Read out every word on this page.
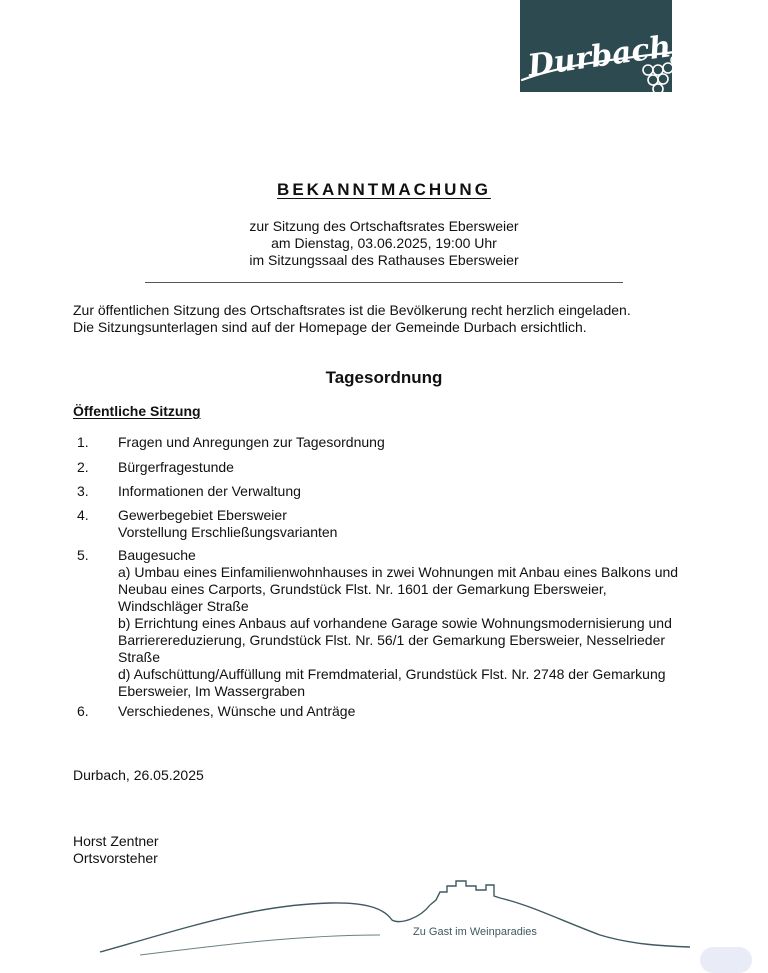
Durbach
BEKANNTMACHUNG
zur Sitzung des Ortschaftsrates Ebersweier
am Dienstag, 03.06.2025, 19:00 Uhr
im Sitzungssaal des Rathauses Ebersweier
Zur öffentlichen Sitzung des Ortschaftsrates ist die Bevölkerung recht herzlich eingeladen.
Die Sitzungsunterlagen sind auf der Homepage der Gemeinde Durbach ersichtlich.
Tagesordnung
Öffentliche Sitzung
1. Fragen und Anregungen zur Tagesordnung
2. Bürgerfragestunde
3. Informationen der Verwaltung
4. Gewerbegebiet Ebersweier
Vorstellung Erschließungsvarianten
5. Baugesuche
a) Umbau eines Einfamilienwohnhauses in zwei Wohnungen mit Anbau eines Balkons und
Neubau eines Carports, Grundstück Flst. Nr. 1601 der Gemarkung Ebersweier,
Windschläger Straße
b) Errichtung eines Anbaus auf vorhandene Garage sowie Wohnungsmodernisierung und
Barrierereduzierung, Grundstück Flst. Nr. 56/1 der Gemarkung Ebersweier, Nesselrieder
Straße
d) Aufschüttung/Auffüllung mit Fremdmaterial, Grundstück Flst. Nr. 2748 der Gemarkung
Ebersweier, Im Wassergraben
6. Verschiedenes, Wünsche und Anträge
Durbach, 26.05.2025
Horst Zentner
Ortsvorsteher
Zu Gast im Weinparadies
